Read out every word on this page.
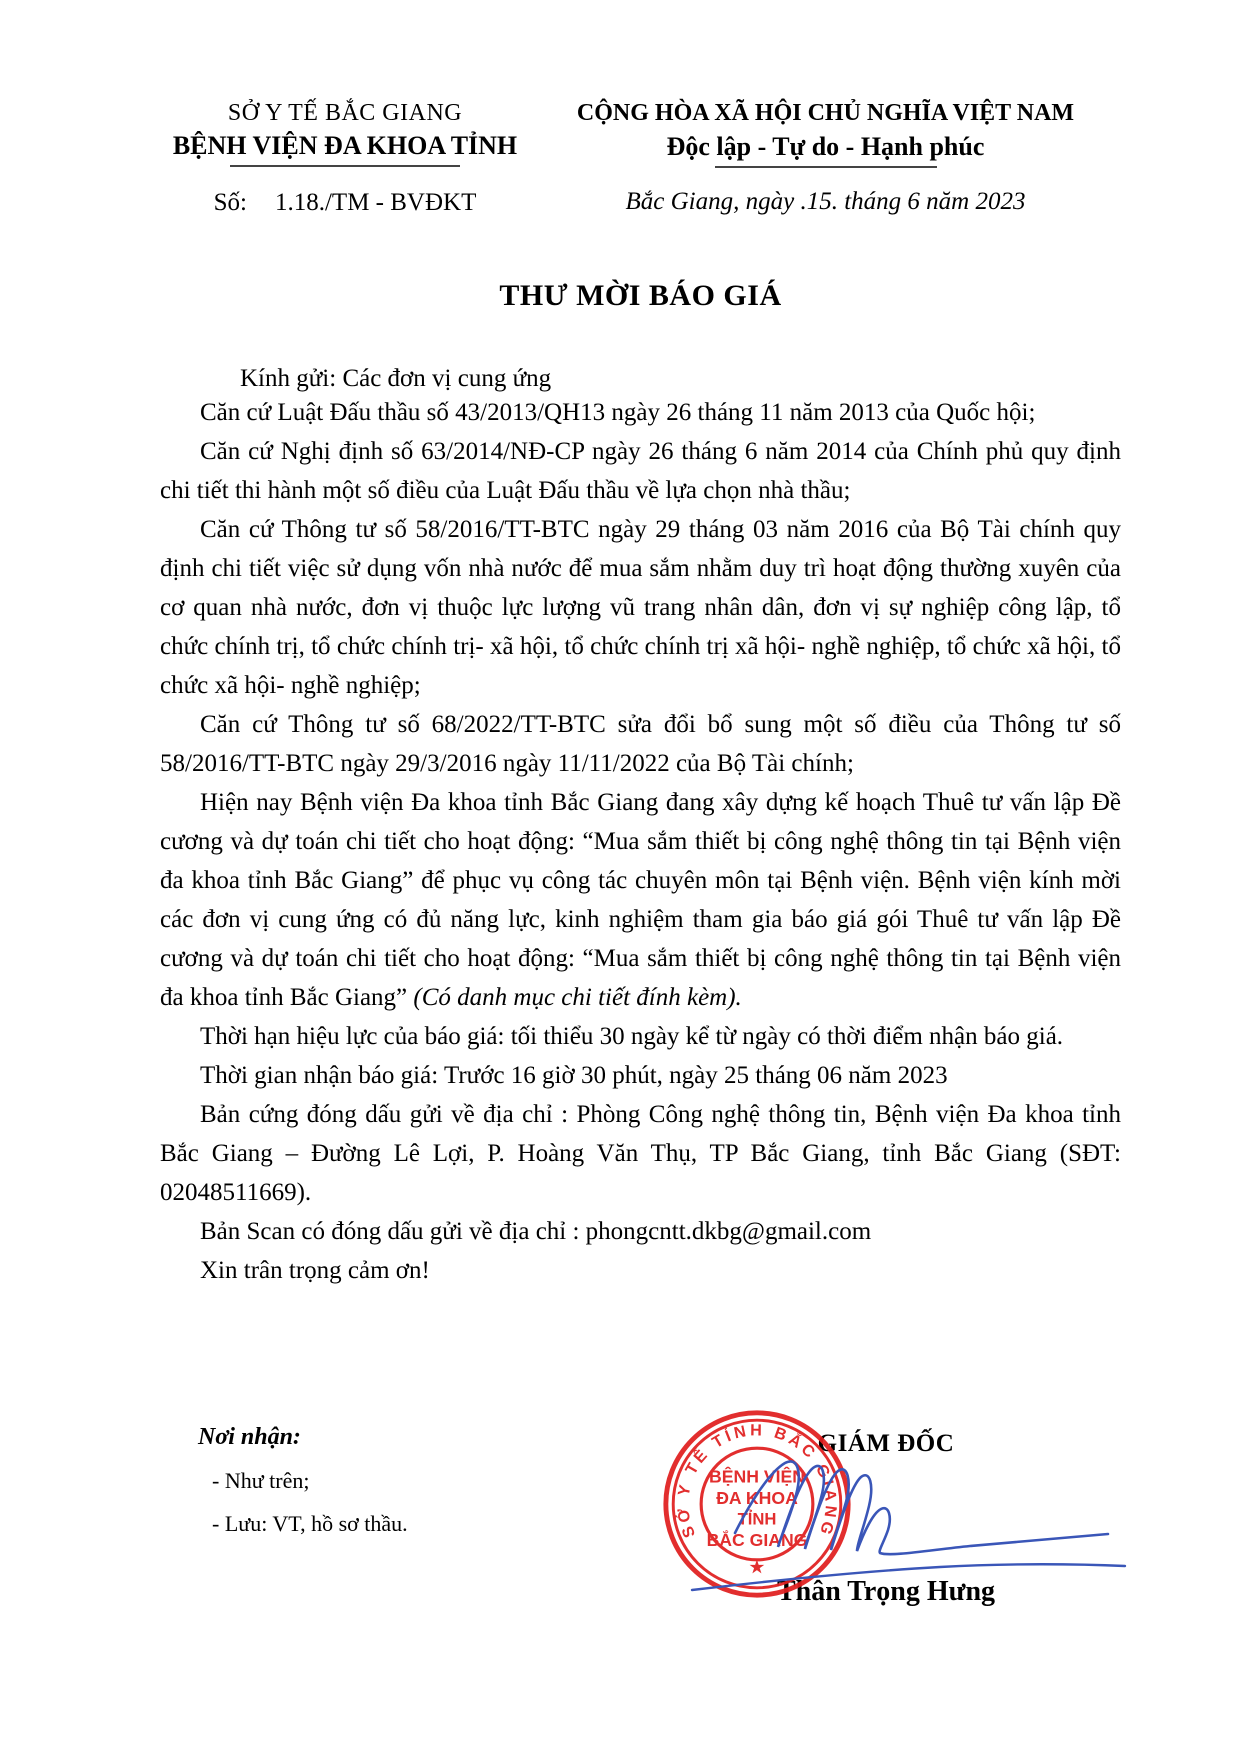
SỞ Y TẾ BẮC GIANG
BỆNH VIỆN ĐA KHOA TỈNH
Số: 1.18./TM - BVĐKT
CỘNG HÒA XÃ HỘI CHỦ NGHĨA VIỆT NAM
Độc lập - Tự do - Hạnh phúc
Bắc Giang, ngày .15. tháng 6 năm 2023
THƯ MỜI BÁO GIÁ
Kính gửi: Các đơn vị cung ứng

Căn cứ Luật Đấu thầu số 43/2013/QH13 ngày 26 tháng 11 năm 2013 của Quốc hội;

Căn cứ Nghị định số 63/2014/NĐ-CP ngày 26 tháng 6 năm 2014 của Chính phủ quy định chi tiết thi hành một số điều của Luật Đấu thầu về lựa chọn nhà thầu;

Căn cứ Thông tư số 58/2016/TT-BTC ngày 29 tháng 03 năm 2016 của Bộ Tài chính quy định chi tiết việc sử dụng vốn nhà nước để mua sắm nhằm duy trì hoạt động thường xuyên của cơ quan nhà nước, đơn vị thuộc lực lượng vũ trang nhân dân, đơn vị sự nghiệp công lập, tổ chức chính trị, tổ chức chính trị- xã hội, tổ chức chính trị xã hội- nghề nghiệp, tổ chức xã hội, tổ chức xã hội- nghề nghiệp;

Căn cứ Thông tư số 68/2022/TT-BTC sửa đổi bổ sung một số điều của Thông tư số 58/2016/TT-BTC ngày 29/3/2016 ngày 11/11/2022 của Bộ Tài chính;

Hiện nay Bệnh viện Đa khoa tỉnh Bắc Giang đang xây dựng kế hoạch Thuê tư vấn lập Đề cương và dự toán chi tiết cho hoạt động: “Mua sắm thiết bị công nghệ thông tin tại Bệnh viện đa khoa tỉnh Bắc Giang” để phục vụ công tác chuyên môn tại Bệnh viện. Bệnh viện kính mời các đơn vị cung ứng có đủ năng lực, kinh nghiệm tham gia báo giá gói Thuê tư vấn lập Đề cương và dự toán chi tiết cho hoạt động: “Mua sắm thiết bị công nghệ thông tin tại Bệnh viện đa khoa tỉnh Bắc Giang” (Có danh mục chi tiết đính kèm).

Thời hạn hiệu lực của báo giá: tối thiểu 30 ngày kể từ ngày có thời điểm nhận báo giá.

Thời gian nhận báo giá: Trước 16 giờ 30 phút, ngày 25 tháng 06 năm 2023

Bản cứng đóng dấu gửi về địa chỉ : Phòng Công nghệ thông tin, Bệnh viện Đa khoa tỉnh Bắc Giang – Đường Lê Lợi, P. Hoàng Văn Thụ, TP Bắc Giang, tỉnh Bắc Giang (SĐT: 02048511669).

Bản Scan có đóng dấu gửi về địa chỉ : phongcntt.dkbg@gmail.com

Xin trân trọng cảm ơn!

Nơi nhận:
- Như trên;
- Lưu: VT, hồ sơ thầu.
GIÁM ĐỐC
Thân Trọng Hưng
SỞ Y TẾ TỈNH BẮC GIANG
BỆNH VIỆN
ĐA KHOA
TỈNH
BẮC GIANG
★
